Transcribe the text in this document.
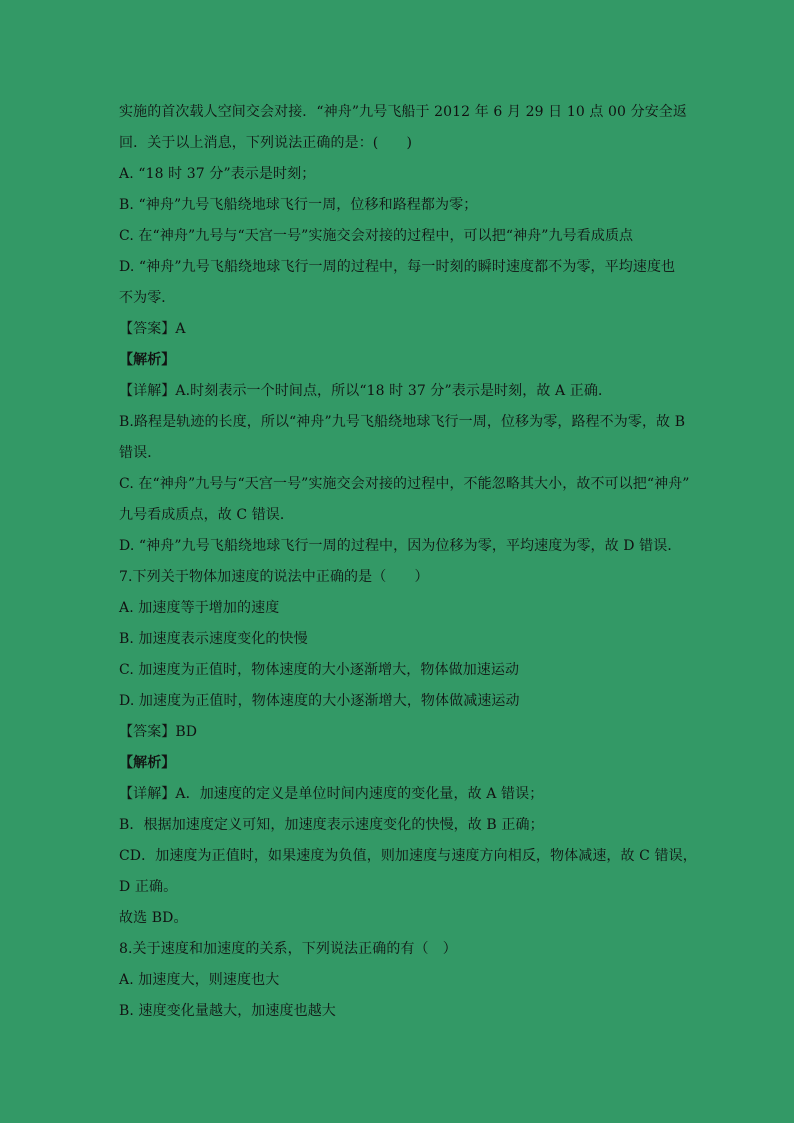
实施的首次载人空间交会对接．“神舟”九号飞船于 2012 年 6 月 29 日 10 点 00 分安全返
回．关于以上消息，下列说法正确的是：(　　)
A. “18 时 37 分”表示是时刻；
B. “神舟”九号飞船绕地球飞行一周，位移和路程都为零；
C. 在“神舟”九号与“天宫一号”实施交会对接的过程中，可以把“神舟”九号看成质点
D. “神舟”九号飞船绕地球飞行一周的过程中，每一时刻的瞬时速度都不为零，平均速度也
不为零．
【答案】A
【解析】
【详解】A.时刻表示一个时间点，所以“18 时 37 分”表示是时刻，故 A 正确．
B.路程是轨迹的长度，所以“神舟”九号飞船绕地球飞行一周，位移为零，路程不为零，故 B
错误．
C. 在“神舟”九号与“天宫一号”实施交会对接的过程中，不能忽略其大小，故不可以把“神舟”
九号看成质点，故 C 错误．
D. “神舟”九号飞船绕地球飞行一周的过程中，因为位移为零，平均速度为零，故 D 错误．
7.下列关于物体加速度的说法中正确的是（　　）
A. 加速度等于增加的速度
B. 加速度表示速度变化的快慢
C. 加速度为正值时，物体速度的大小逐渐增大，物体做加速运动
D. 加速度为正值时，物体速度的大小逐渐增大，物体做减速运动
【答案】BD
【解析】
【详解】A．加速度的定义是单位时间内速度的变化量，故 A 错误；
B．根据加速度定义可知，加速度表示速度变化的快慢，故 B 正确；
CD．加速度为正值时，如果速度为负值，则加速度与速度方向相反，物体减速，故 C 错误，
D 正确。
故选 BD。
8.关于速度和加速度的关系，下列说法正确的有（　）
A. 加速度大，则速度也大
B. 速度变化量越大，加速度也越大
